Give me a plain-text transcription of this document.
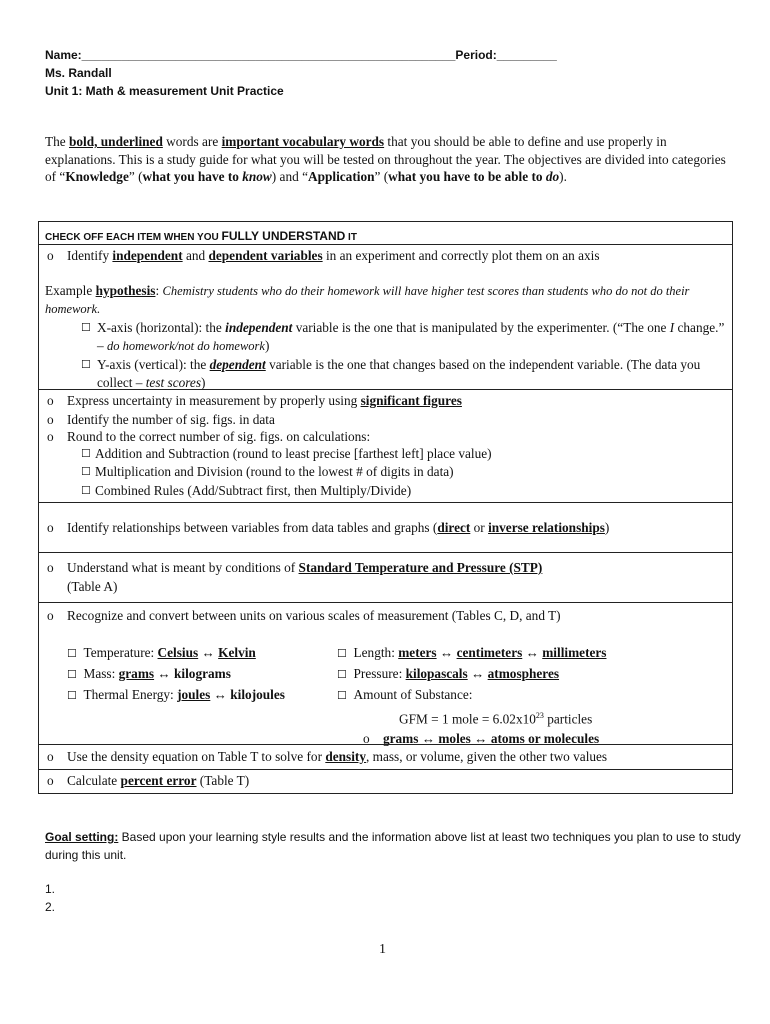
Name:________________________________________________________Period:_________
Ms. Randall
Unit 1: Math & measurement Unit Practice
The bold, underlined words are important vocabulary words that you should be able to define and use properly in explanations. This is a study guide for what you will be tested on throughout the year. The objectives are divided into categories of “Knowledge” (what you have to know) and “Application” (what you have to be able to do).
CHECK OFF EACH ITEM WHEN YOU FULLY UNDERSTAND IT
o Identify independent and dependent variables in an experiment and correctly plot them on an axis
Example hypothesis: Chemistry students who do their homework will have higher test scores than students who do not do their homework.
☐ X-axis (horizontal): the independent variable is the one that is manipulated by the experimenter. (“The one I change.” – do homework/not do homework)
☐ Y-axis (vertical): the dependent variable is the one that changes based on the independent variable. (The data you collect – test scores)
o Express uncertainty in measurement by properly using significant figures
o Identify the number of sig. figs. in data
o Round to the correct number of sig. figs. on calculations:
☐ Addition and Subtraction (round to least precise [farthest left] place value)
☐ Multiplication and Division (round to the lowest # of digits in data)
☐ Combined Rules (Add/Subtract first, then Multiply/Divide)
o Identify relationships between variables from data tables and graphs (direct or inverse relationships)
o Understand what is meant by conditions of Standard Temperature and Pressure (STP)
(Table A)
o Recognize and convert between units on various scales of measurement (Tables C, D, and T)
☐ Temperature: Celsius ↔ Kelvin
☐ Mass: grams ↔ kilograms
☐ Thermal Energy: joules ↔ kilojoules
☐ Length: meters ↔ centimeters ↔ millimeters
☐ Pressure: kilopascals ↔ atmospheres
☐ Amount of Substance:
GFM = 1 mole = $6.02x10^{23}$ particles
o grams ↔ moles ↔ atoms or molecules
o Use the density equation on Table T to solve for density, mass, or volume, given the other two values
o Calculate percent error (Table T)
Goal setting: Based upon your learning style results and the information above list at least two techniques you plan to use to study during this unit.
1.
2.
1
